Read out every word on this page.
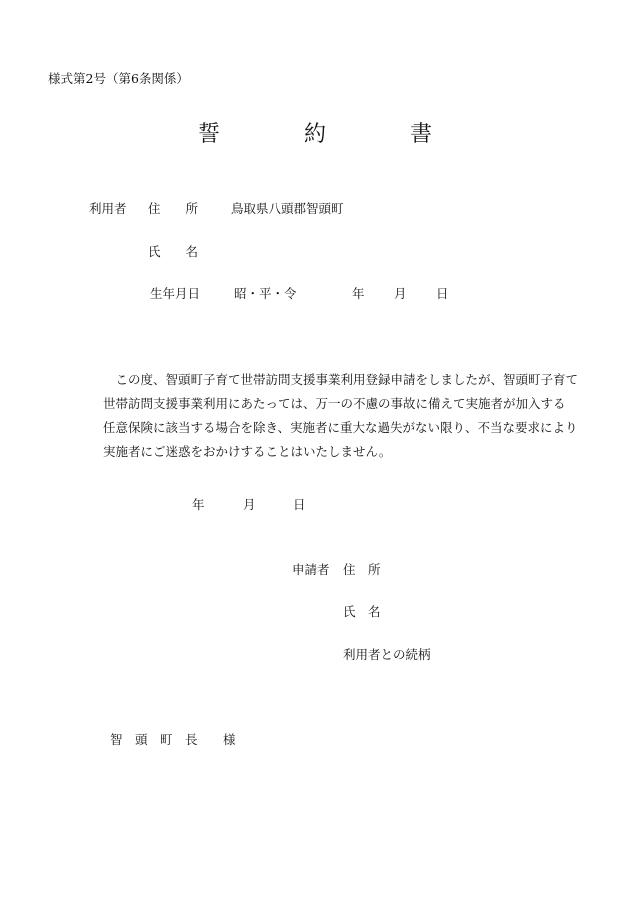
様式第2号（第6条関係）
誓	約	書
利用者 住　　所	鳥取県八頭郡智頭町
氏　　名
生年月日	昭・平・令	年 月 日
　この度、智頭町子育て世帯訪問支援事業利用登録申請をしましたが、智頭町子育て
世帯訪問支援事業利用にあたっては、万一の不慮の事故に備えて実施者が加入する
任意保険に該当する場合を除き、実施者に重大な過失がない限り、不当な要求により
実施者にご迷惑をおかけすることはいたしません。
年	月	日
申請者 住　所
氏　名
利用者との続柄
智　頭　町　長 様
